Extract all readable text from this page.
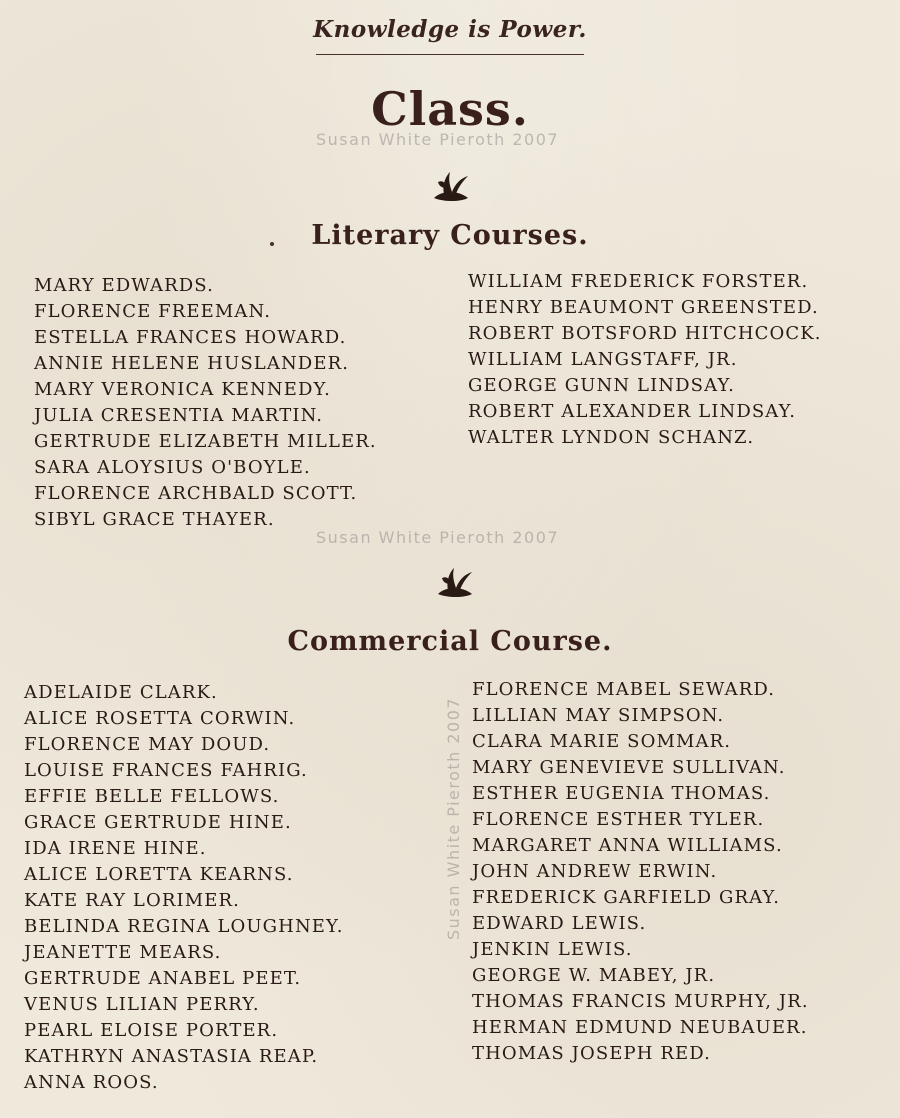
Knowledge is Power.
Class.
Susan White Pieroth 2007
Literary Courses.
MARY EDWARDS.
FLORENCE FREEMAN.
ESTELLA FRANCES HOWARD.
ANNIE HELENE HUSLANDER.
MARY VERONICA KENNEDY.
JULIA CRESENTIA MARTIN.
GERTRUDE ELIZABETH MILLER.
SARA ALOYSIUS O'BOYLE.
FLORENCE ARCHBALD SCOTT.
SIBYL GRACE THAYER.
WILLIAM FREDERICK FORSTER.
HENRY BEAUMONT GREENSTED.
ROBERT BOTSFORD HITCHCOCK.
WILLIAM LANGSTAFF, JR.
GEORGE GUNN LINDSAY.
ROBERT ALEXANDER LINDSAY.
WALTER LYNDON SCHANZ.
Susan White Pieroth 2007
Commercial Course.
ADELAIDE CLARK.
ALICE ROSETTA CORWIN.
FLORENCE MAY DOUD.
LOUISE FRANCES FAHRIG.
EFFIE BELLE FELLOWS.
GRACE GERTRUDE HINE.
IDA IRENE HINE.
ALICE LORETTA KEARNS.
KATE RAY LORIMER.
BELINDA REGINA LOUGHNEY.
JEANETTE MEARS.
GERTRUDE ANABEL PEET.
VENUS LILIAN PERRY.
PEARL ELOISE PORTER.
KATHRYN ANASTASIA REAP.
ANNA ROOS.
Susan White Pieroth 2007
FLORENCE MABEL SEWARD.
LILLIAN MAY SIMPSON.
CLARA MARIE SOMMAR.
MARY GENEVIEVE SULLIVAN.
ESTHER EUGENIA THOMAS.
FLORENCE ESTHER TYLER.
MARGARET ANNA WILLIAMS.
JOHN ANDREW ERWIN.
FREDERICK GARFIELD GRAY.
EDWARD LEWIS.
JENKIN LEWIS.
GEORGE W. MABEY, JR.
THOMAS FRANCIS MURPHY, JR.
HERMAN EDMUND NEUBAUER.
THOMAS JOSEPH RED.
